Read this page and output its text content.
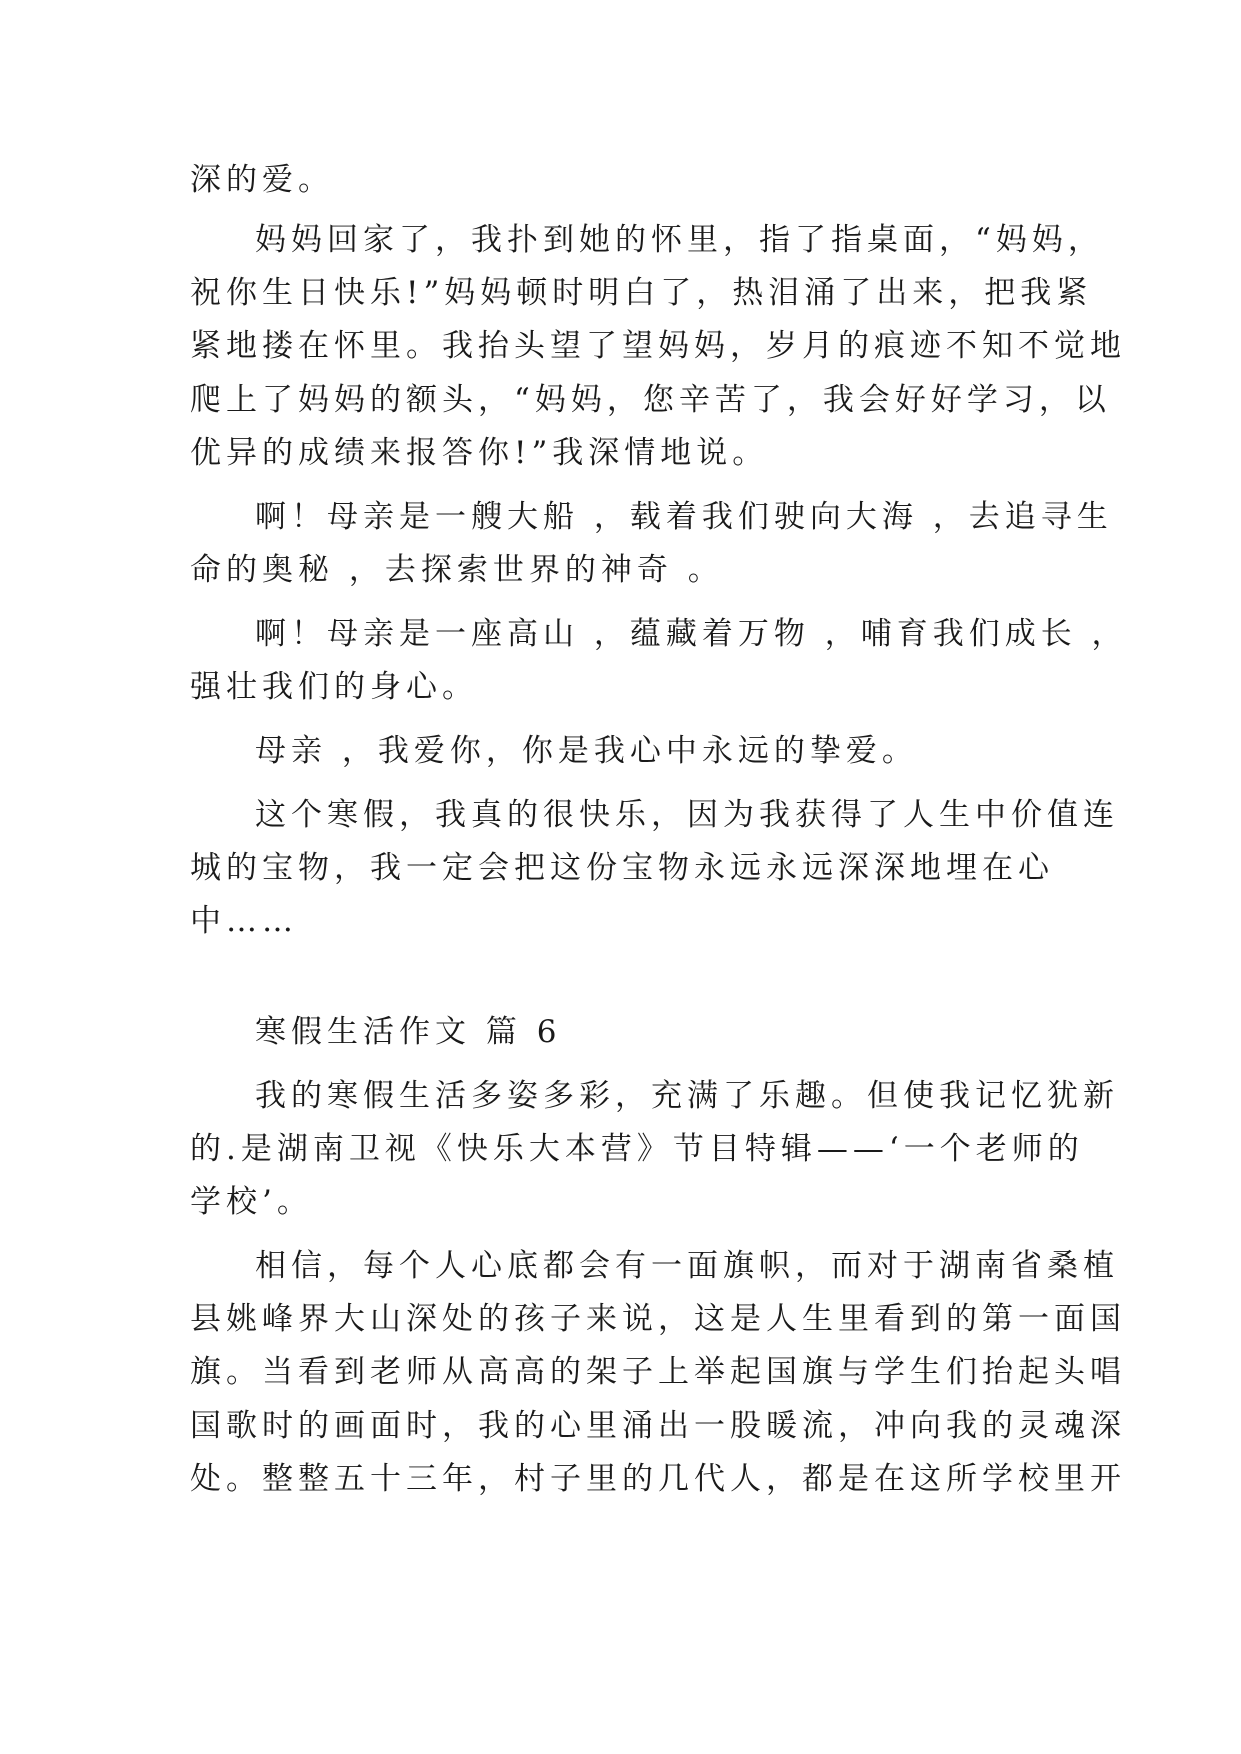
深的爱。
妈妈回家了，我扑到她的怀里，指了指桌面，“妈妈，
祝你生日快乐!”妈妈顿时明白了，热泪涌了出来，把我紧
紧地搂在怀里。我抬头望了望妈妈，岁月的痕迹不知不觉地
爬上了妈妈的额头，“妈妈，您辛苦了，我会好好学习，以
优异的成绩来报答你!”我深情地说。
啊！母亲是一艘大船 ，载着我们驶向大海 ，去追寻生
命的奥秘 ，去探索世界的神奇 。
啊！母亲是一座高山 ，蕴藏着万物 ，哺育我们成长 ，
强壮我们的身心。
母亲 ，我爱你，你是我心中永远的挚爱。
这个寒假，我真的很快乐，因为我获得了人生中价值连
城的宝物，我一定会把这份宝物永远永远深深地埋在心
中……
寒假生活作文 篇 6
我的寒假生活多姿多彩，充满了乐趣。但使我记忆犹新
的.是湖南卫视《快乐大本营》节目特辑——‘一个老师的
学校’。
相信，每个人心底都会有一面旗帜，而对于湖南省桑植
县姚峰界大山深处的孩子来说，这是人生里看到的第一面国
旗。当看到老师从高高的架子上举起国旗与学生们抬起头唱
国歌时的画面时，我的心里涌出一股暖流，冲向我的灵魂深
处。整整五十三年，村子里的几代人，都是在这所学校里开
